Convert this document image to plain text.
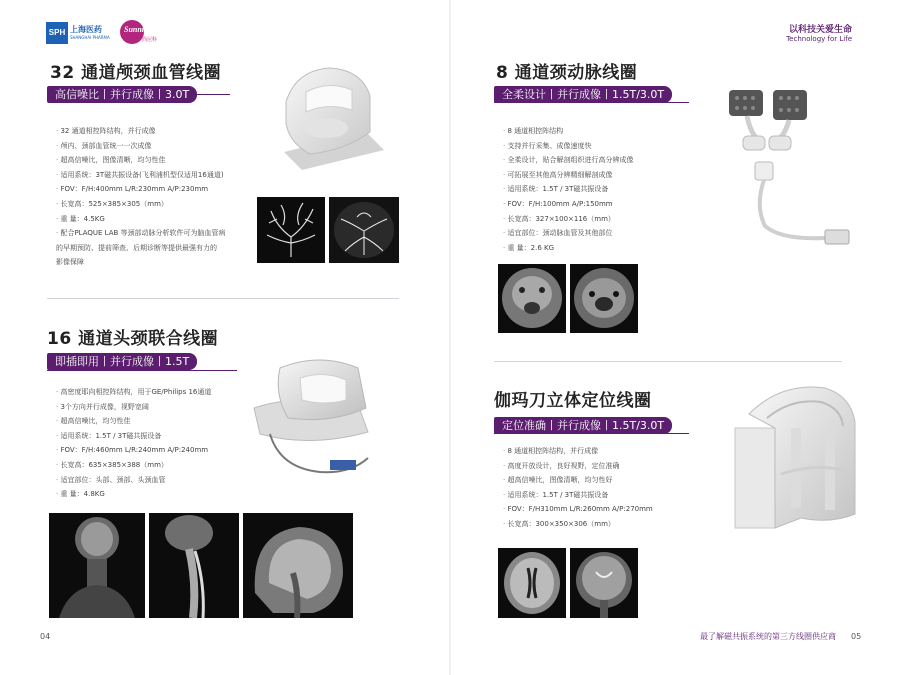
SPH 上海医药
SHANGHAI PHARMA
Sunnico
尚尼科
32 通道颅颈血管线圈
高信噪比丨并行成像丨3.0T
· 32 通道相控阵结构，并行成像
· 颅内、颈部血管统一一次成像
· 超高信噪比，图像清晰，均匀性佳
· 适用系统：3T磁共振设备(飞利浦机型仅适用16通道)
· FOV：F/H:400mm L/R:230mm A/P:230mm
· 长宽高：525×385×305（mm）
· 重 量：4.5KG
· 配合PLAQUE LAB 等颈部动脉分析软件可为脑血管病
的早期预防、提前筛查、后期诊断等提供最强有力的
影像保障
16 通道头颈联合线圈
即插即用丨并行成像丨1.5T
· 高密度耶向相控阵结构，用于GE/Philips 16通道
· 3个方向并行成像，视野宽阔
· 超高信噪比，均匀性佳
· 适用系统：1.5T / 3T磁共振设备
· FOV：F/H:460mm L/R:240mm A/P:240mm
· 长宽高：635×385×388（mm）
· 适宜部位：头部、颈部、头颈血管
· 重 量：4.8KG
04
以科技关爱生命
Technology for Life
8 通道颈动脉线圈
全柔设计丨并行成像丨1.5T/3.0T
· 8 通道相控阵结构
· 支持并行采集、成像速度快
· 全柔设计，贴合解剖组织进行高分辨成像
· 可拓展至其他高分辨精细解剖成像
· 适用系统：1.5T / 3T磁共振设备
· FOV：F/H:100mm A/P:150mm
· 长宽高：327×100×116（mm）
· 适宜部位：颈动脉血管及其他部位
· 重 量：2.6 KG
伽玛刀立体定位线圈
定位准确丨并行成像丨1.5T/3.0T
· 8 通道相控阵结构，并行成像
· 高度开放设计，良好视野，定位准确
· 超高信噪比，图像清晰，均匀性好
· 适用系统：1.5T / 3T磁共振设备
· FOV：F/H310mm L/R:260mm A/P:270mm
· 长宽高：300×350×306（mm）
最了解磁共振系统的第三方线圈供应商 05
